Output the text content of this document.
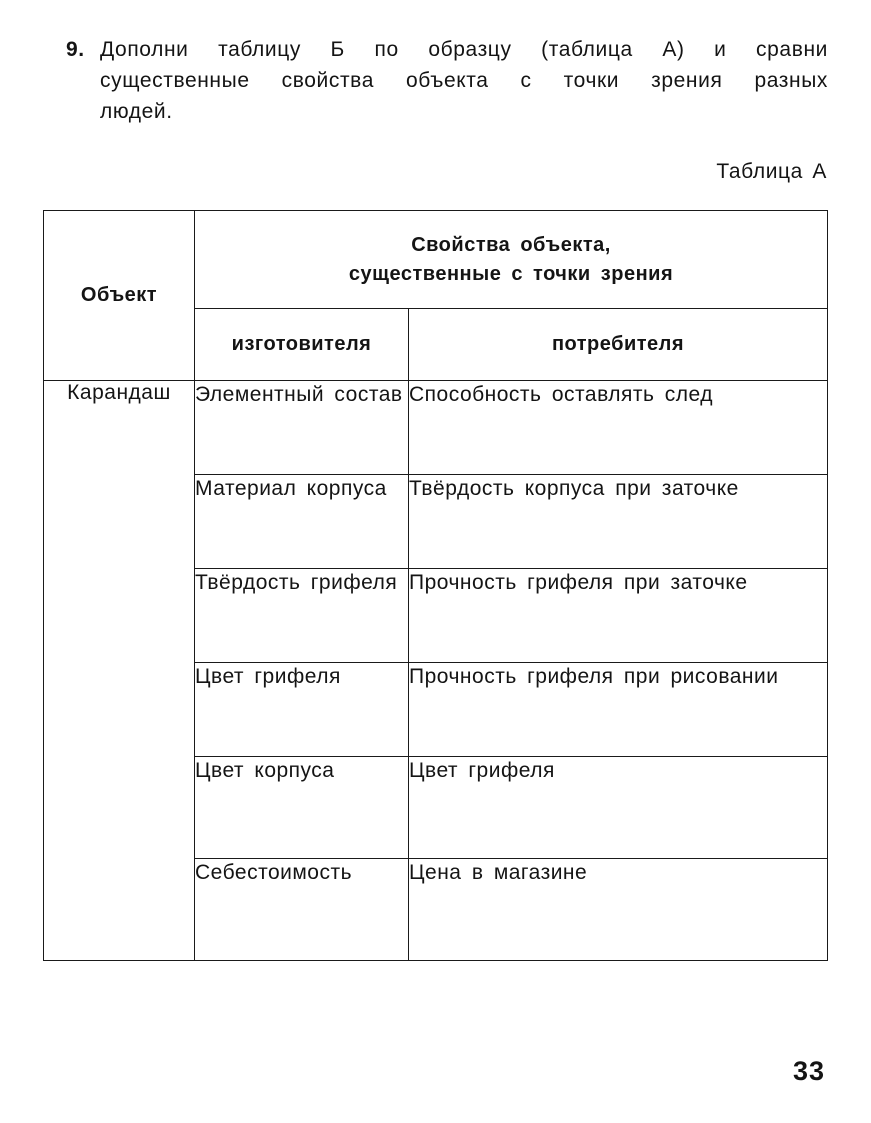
9. Дополни таблицу Б по образцу (таблица А) и сравни
существенные свойства объекта с точки зрения разных
людей.
Таблица А
Объект	Свойства объекта,
существенные с точки зрения	

	изготовителя	потребителя
Карандаш	Элементный состав	Способность оставлять след
	Материал корпуса	Твёрдость корпуса при заточке
	Твёрдость грифеля	Прочность грифеля при заточке
	Цвет грифеля	Прочность грифеля при рисовании
	Цвет корпуса	Цвет грифеля
	Себестоимость	Цена в магазине
33
